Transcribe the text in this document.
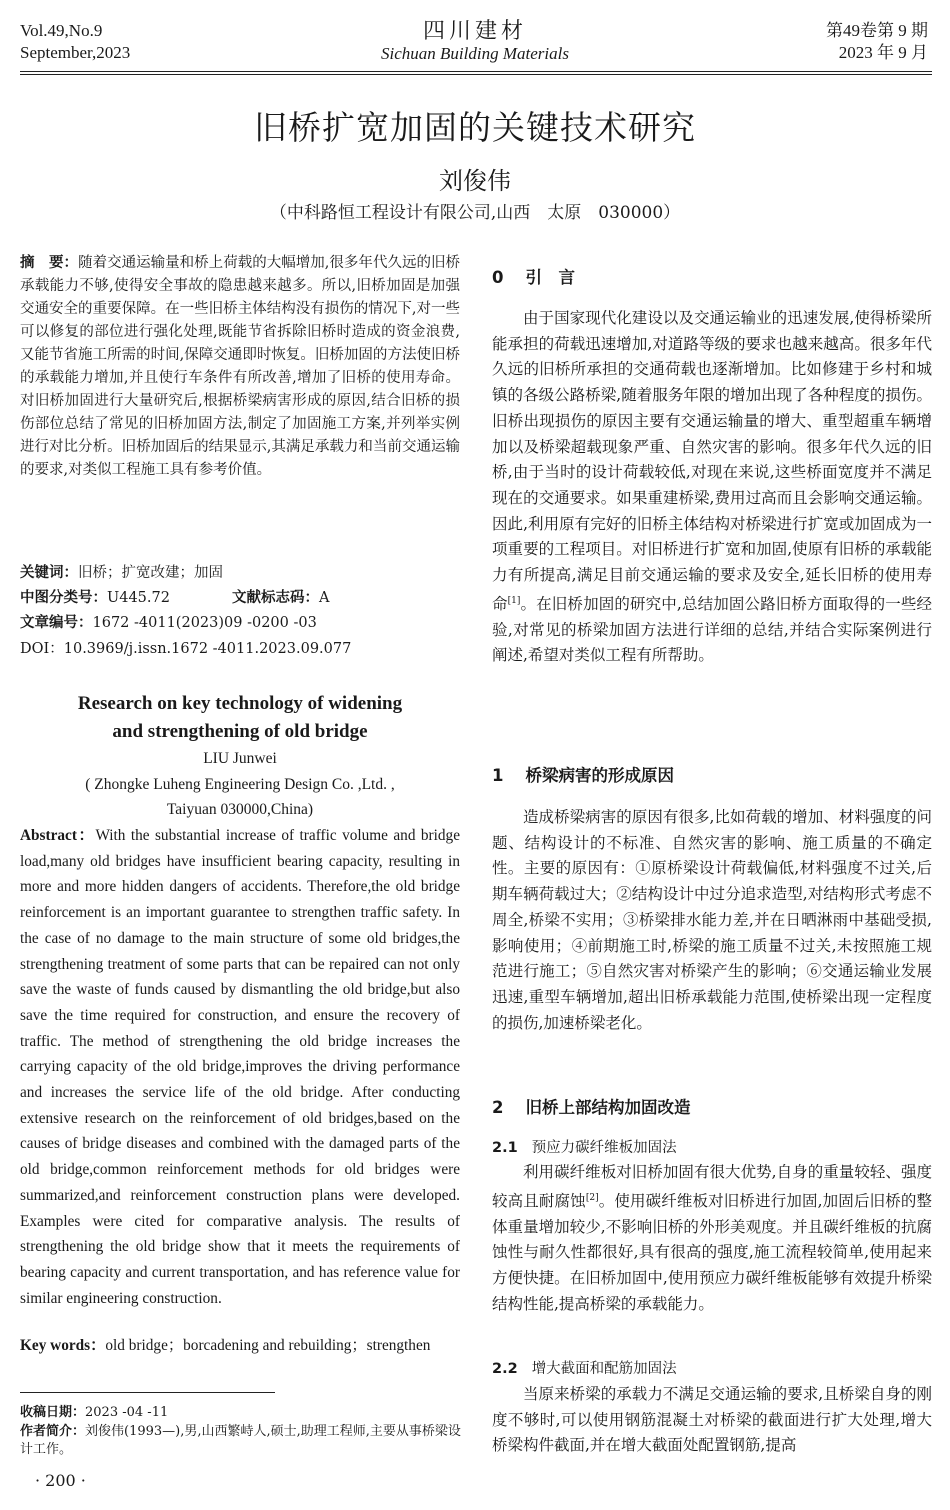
Vol.49,No.9
September,2023
四川建材
Sichuan Building Materials
第49卷第 9 期
2023 年 9 月
旧桥扩宽加固的关键技术研究
刘俊伟
（中科路恒工程设计有限公司,山西　太原　030000）
摘　要：随着交通运输量和桥上荷载的大幅增加,很多年代久远的旧桥承载能力不够,使得安全事故的隐患越来越多。所以,旧桥加固是加强交通安全的重要保障。在一些旧桥主体结构没有损伤的情况下,对一些可以修复的部位进行强化处理,既能节省拆除旧桥时造成的资金浪费,又能节省施工所需的时间,保障交通即时恢复。旧桥加固的方法使旧桥的承载能力增加,并且使行车条件有所改善,增加了旧桥的使用寿命。对旧桥加固进行大量研究后,根据桥梁病害形成的原因,结合旧桥的损伤部位总结了常见的旧桥加固方法,制定了加固施工方案,并列举实例进行对比分析。旧桥加固后的结果显示,其满足承载力和当前交通运输的要求,对类似工程施工具有参考价值。
关键词：旧桥；扩宽改建；加固
中图分类号：U445.72	文献标志码：A
文章编号：1672 -4011(2023)09 -0200 -03
DOI：10.3969/j.issn.1672 -4011.2023.09.077
Research on key technology of widening
and strengthening of old bridge
LIU Junwei
( Zhongke Luheng Engineering Design Co. ,Ltd. ,
Taiyuan 030000,China)
Abstract：With the substantial increase of traffic volume and bridge load,many old bridges have insufficient bearing capacity, resulting in more and more hidden dangers of accidents. Therefore,the old bridge reinforcement is an important guarantee to strengthen traffic safety. In the case of no damage to the main structure of some old bridges,the strengthening treatment of some parts that can be repaired can not only save the waste of funds caused by dismantling the old bridge,but also save the time required for construction, and ensure the recovery of traffic. The method of strengthening the old bridge increases the carrying capacity of the old bridge,improves the driving performance and increases the service life of the old bridge. After conducting extensive research on the reinforcement of old bridges,based on the causes of bridge diseases and combined with the damaged parts of the old bridge,common reinforcement methods for old bridges were summarized,and reinforcement construction plans were developed. Examples were cited for comparative analysis. The results of strengthening the old bridge show that it meets the requirements of bearing capacity and current transportation, and has reference value for similar engineering construction.
Key words：old bridge；borcadening and rebuilding；strengthen
收稿日期：2023 -04 -11
作者简介：刘俊伟(1993—),男,山西繁峙人,硕士,助理工程师,主要从事桥梁设计工作。
· 200 ·
0 引　言
由于国家现代化建设以及交通运输业的迅速发展,使得桥梁所能承担的荷载迅速增加,对道路等级的要求也越来越高。很多年代久远的旧桥所承担的交通荷载也逐渐增加。比如修建于乡村和城镇的各级公路桥梁,随着服务年限的增加出现了各种程度的损伤。旧桥出现损伤的原因主要有交通运输量的增大、重型超重车辆增加以及桥梁超载现象严重、自然灾害的影响。很多年代久远的旧桥,由于当时的设计荷载较低,对现在来说,这些桥面宽度并不满足现在的交通要求。如果重建桥梁,费用过高而且会影响交通运输。因此,利用原有完好的旧桥主体结构对桥梁进行扩宽或加固成为一项重要的工程项目。对旧桥进行扩宽和加固,使原有旧桥的承载能力有所提高,满足目前交通运输的要求及安全,延长旧桥的使用寿命[1]。在旧桥加固的研究中,总结加固公路旧桥方面取得的一些经验,对常见的桥梁加固方法进行详细的总结,并结合实际案例进行阐述,希望对类似工程有所帮助。
1 桥梁病害的形成原因
造成桥梁病害的原因有很多,比如荷载的增加、材料强度的问题、结构设计的不标准、自然灾害的影响、施工质量的不确定性。主要的原因有：①原桥梁设计荷载偏低,材料强度不过关,后期车辆荷载过大；②结构设计中过分追求造型,对结构形式考虑不周全,桥梁不实用；③桥梁排水能力差,并在日晒淋雨中基础受损,影响使用；④前期施工时,桥梁的施工质量不过关,未按照施工规范进行施工；⑤自然灾害对桥梁产生的影响；⑥交通运输业发展迅速,重型车辆增加,超出旧桥承载能力范围,使桥梁出现一定程度的损伤,加速桥梁老化。
2 旧桥上部结构加固改造
2.1 预应力碳纤维板加固法
利用碳纤维板对旧桥加固有很大优势,自身的重量较轻、强度较高且耐腐蚀[2]。使用碳纤维板对旧桥进行加固,加固后旧桥的整体重量增加较少,不影响旧桥的外形美观度。并且碳纤维板的抗腐蚀性与耐久性都很好,具有很高的强度,施工流程较简单,使用起来方便快捷。在旧桥加固中,使用预应力碳纤维板能够有效提升桥梁结构性能,提高桥梁的承载能力。
2.2 增大截面和配筋加固法
当原来桥梁的承载力不满足交通运输的要求,且桥梁自身的刚度不够时,可以使用钢筋混凝土对桥梁的截面进行扩大处理,增大桥梁构件截面,并在增大截面处配置钢筋,提高
